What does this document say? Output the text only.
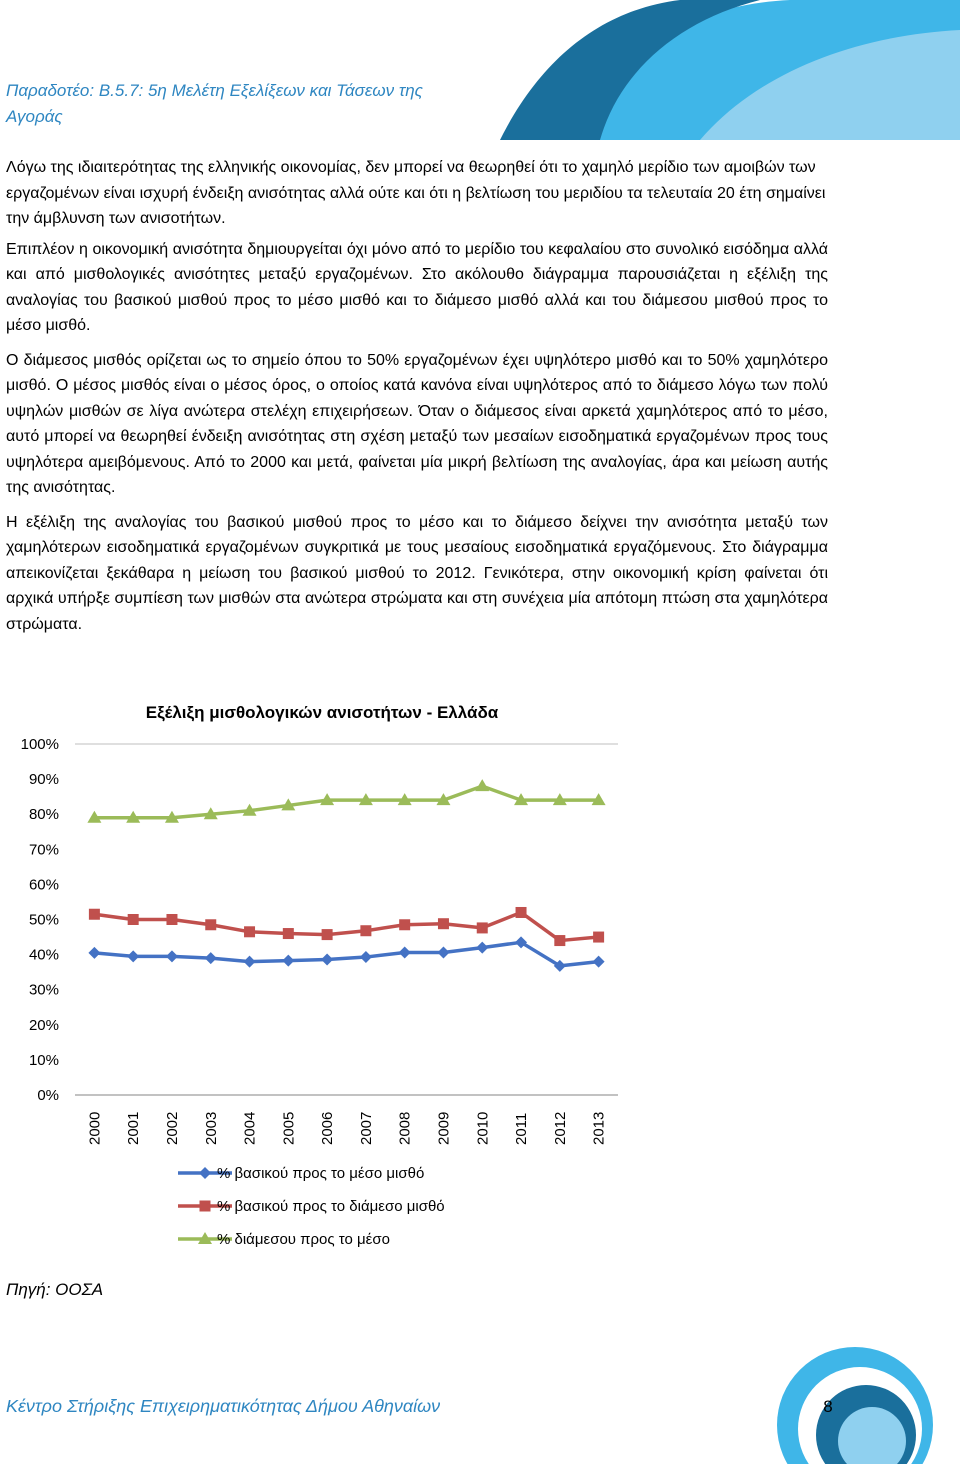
Παραδοτέο: Β.5.7: 5η Μελέτη Εξελίξεων και Τάσεων της Αγοράς

Λόγω της ιδιαιτερότητας της ελληνικής οικονομίας, δεν μπορεί να θεωρηθεί ότι το χαμηλό μερίδιο των αμοιβών των εργαζομένων είναι ισχυρή ένδειξη ανισότητας αλλά ούτε και ότι η βελτίωση του μεριδίου τα τελευταία 20 έτη σημαίνει την άμβλυνση των ανισοτήτων.

Επιπλέον η οικονομική ανισότητα δημιουργείται όχι μόνο από το μερίδιο του κεφαλαίου στο συνολικό εισόδημα αλλά και από μισθολογικές ανισότητες μεταξύ εργαζομένων. Στο ακόλουθο διάγραμμα παρουσιάζεται η εξέλιξη της αναλογίας του βασικού μισθού προς το μέσο μισθό και το διάμεσο μισθό αλλά και του διάμεσου μισθού προς το μέσο μισθό.

Ο διάμεσος μισθός ορίζεται ως το σημείο όπου το 50% εργαζομένων έχει υψηλότερο μισθό και το 50% χαμηλότερο μισθό. Ο μέσος μισθός είναι ο μέσος όρος, ο οποίος κατά κανόνα είναι υψηλότερος από το διάμεσο λόγω των πολύ υψηλών μισθών σε λίγα ανώτερα στελέχη επιχειρήσεων. Όταν ο διάμεσος είναι αρκετά χαμηλότερος από το μέσο, αυτό μπορεί να θεωρηθεί ένδειξη ανισότητας στη σχέση μεταξύ των μεσαίων εισοδηματικά εργαζομένων προς τους υψηλότερα αμειβόμενους. Από το 2000 και μετά, φαίνεται μία μικρή βελτίωση της αναλογίας, άρα και μείωση αυτής της ανισότητας.

Η εξέλιξη της αναλογίας του βασικού μισθού προς το μέσο και το διάμεσο δείχνει την ανισότητα μεταξύ των χαμηλότερων εισοδηματικά εργαζομένων συγκριτικά με τους μεσαίους εισοδηματικά εργαζόμενους. Στο διάγραμμα απεικονίζεται ξεκάθαρα η μείωση του βασικού μισθού το 2012. Γενικότερα, στην οικονομική κρίση φαίνεται ότι αρχικά υπήρξε συμπίεση των μισθών στα ανώτερα στρώματα και στη συνέχεια μία απότομη πτώση στα χαμηλότερα στρώματα.

Εξέλιξη μισθολογικών ανισοτήτων - Ελλάδα
0%
10%
20%
30%
40%
50%
60%
70%
80%
90%
100%
2000 2001 2002 2003 2004 2005 2006 2007 2008 2009 2010 2011 2012 2013
% βασικού προς το μέσο μισθό
% βασικού προς το διάμεσο μισθό
% διάμεσου προς το μέσο
Πηγή: ΟΟΣΑ
Κέντρο Στήριξης Επιχειρηματικότητας Δήμου Αθηναίων	8
